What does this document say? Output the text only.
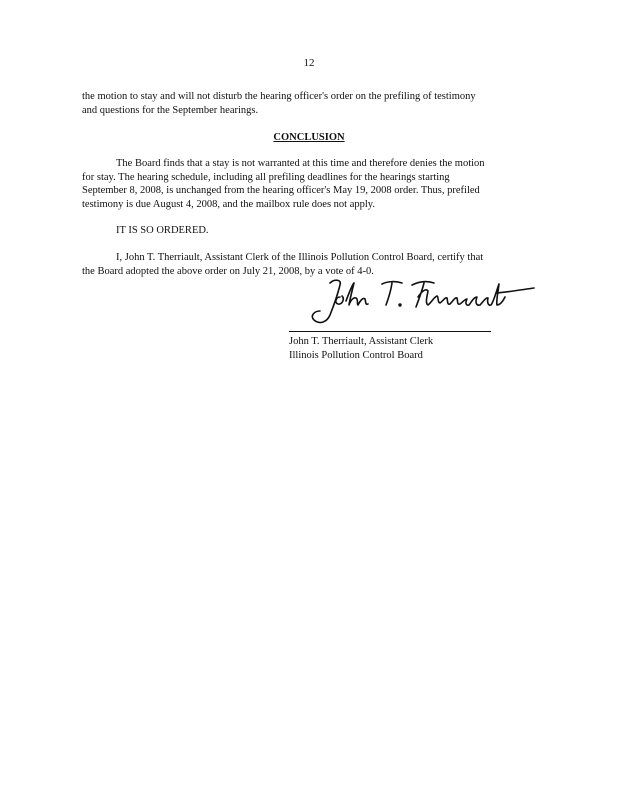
12
the motion to stay and will not disturb the hearing officer's order on the prefiling of testimony
and questions for the September hearings.
CONCLUSION
The Board finds that a stay is not warranted at this time and therefore denies the motion
for stay. The hearing schedule, including all prefiling deadlines for the hearings starting
September 8, 2008, is unchanged from the hearing officer's May 19, 2008 order. Thus, prefiled
testimony is due August 4, 2008, and the mailbox rule does not apply.
IT IS SO ORDERED.
I, John T. Therriault, Assistant Clerk of the Illinois Pollution Control Board, certify that
the Board adopted the above order on July 21, 2008, by a vote of 4-0.
John T. Therriault, Assistant Clerk
Illinois Pollution Control Board
